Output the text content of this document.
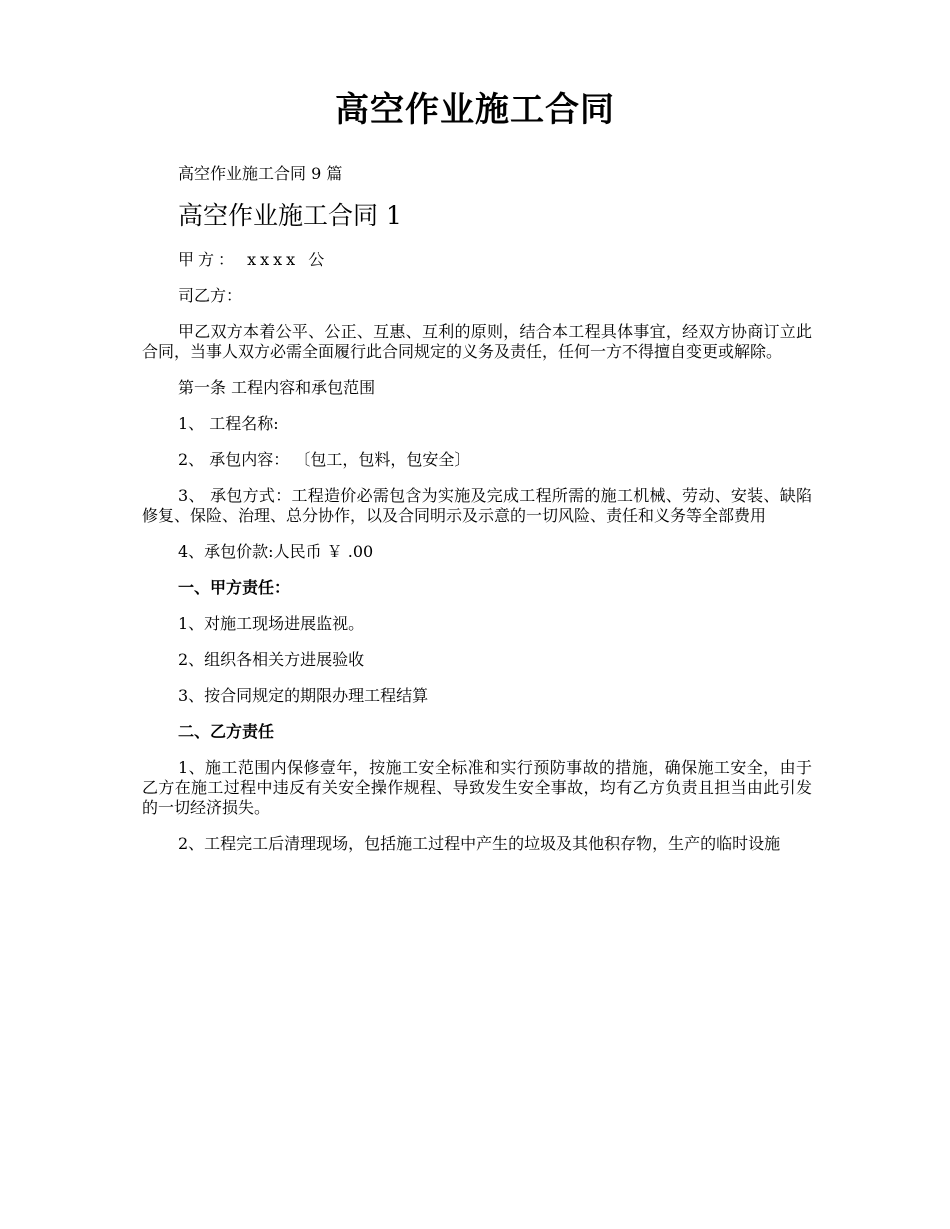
高空作业施工合同

高空作业施工合同 9 篇

高空作业施工合同 1

甲方： xxxx 公

司乙方：

甲乙双方本着公平、公正、互惠、互利的原则，结合本工程具体事宜，经双方协商订立此合同，当事人双方必需全面履行此合同规定的义务及责任，任何一方不得擅自变更或解除。

第一条 工程内容和承包范围

1、 工程名称:

2、 承包内容： 〔包工，包料，包安全〕

3、 承包方式：工程造价必需包含为实施及完成工程所需的施工机械、劳动、安装、缺陷修复、保险、治理、总分协作，以及合同明示及示意的一切风险、责任和义务等全部费用

4、承包价款:人民币 ￥ .00

一、甲方责任：

1、对施工现场进展监视。

2、组织各相关方进展验收

3、按合同规定的期限办理工程结算

二、乙方责任

1、施工范围内保修壹年，按施工安全标准和实行预防事故的措施，确保施工安全，由于乙方在施工过程中违反有关安全操作规程、导致发生安全事故，均有乙方负责且担当由此引发的一切经济损失。

2、工程完工后清理现场，包括施工过程中产生的垃圾及其他积存物，生产的临时设施
